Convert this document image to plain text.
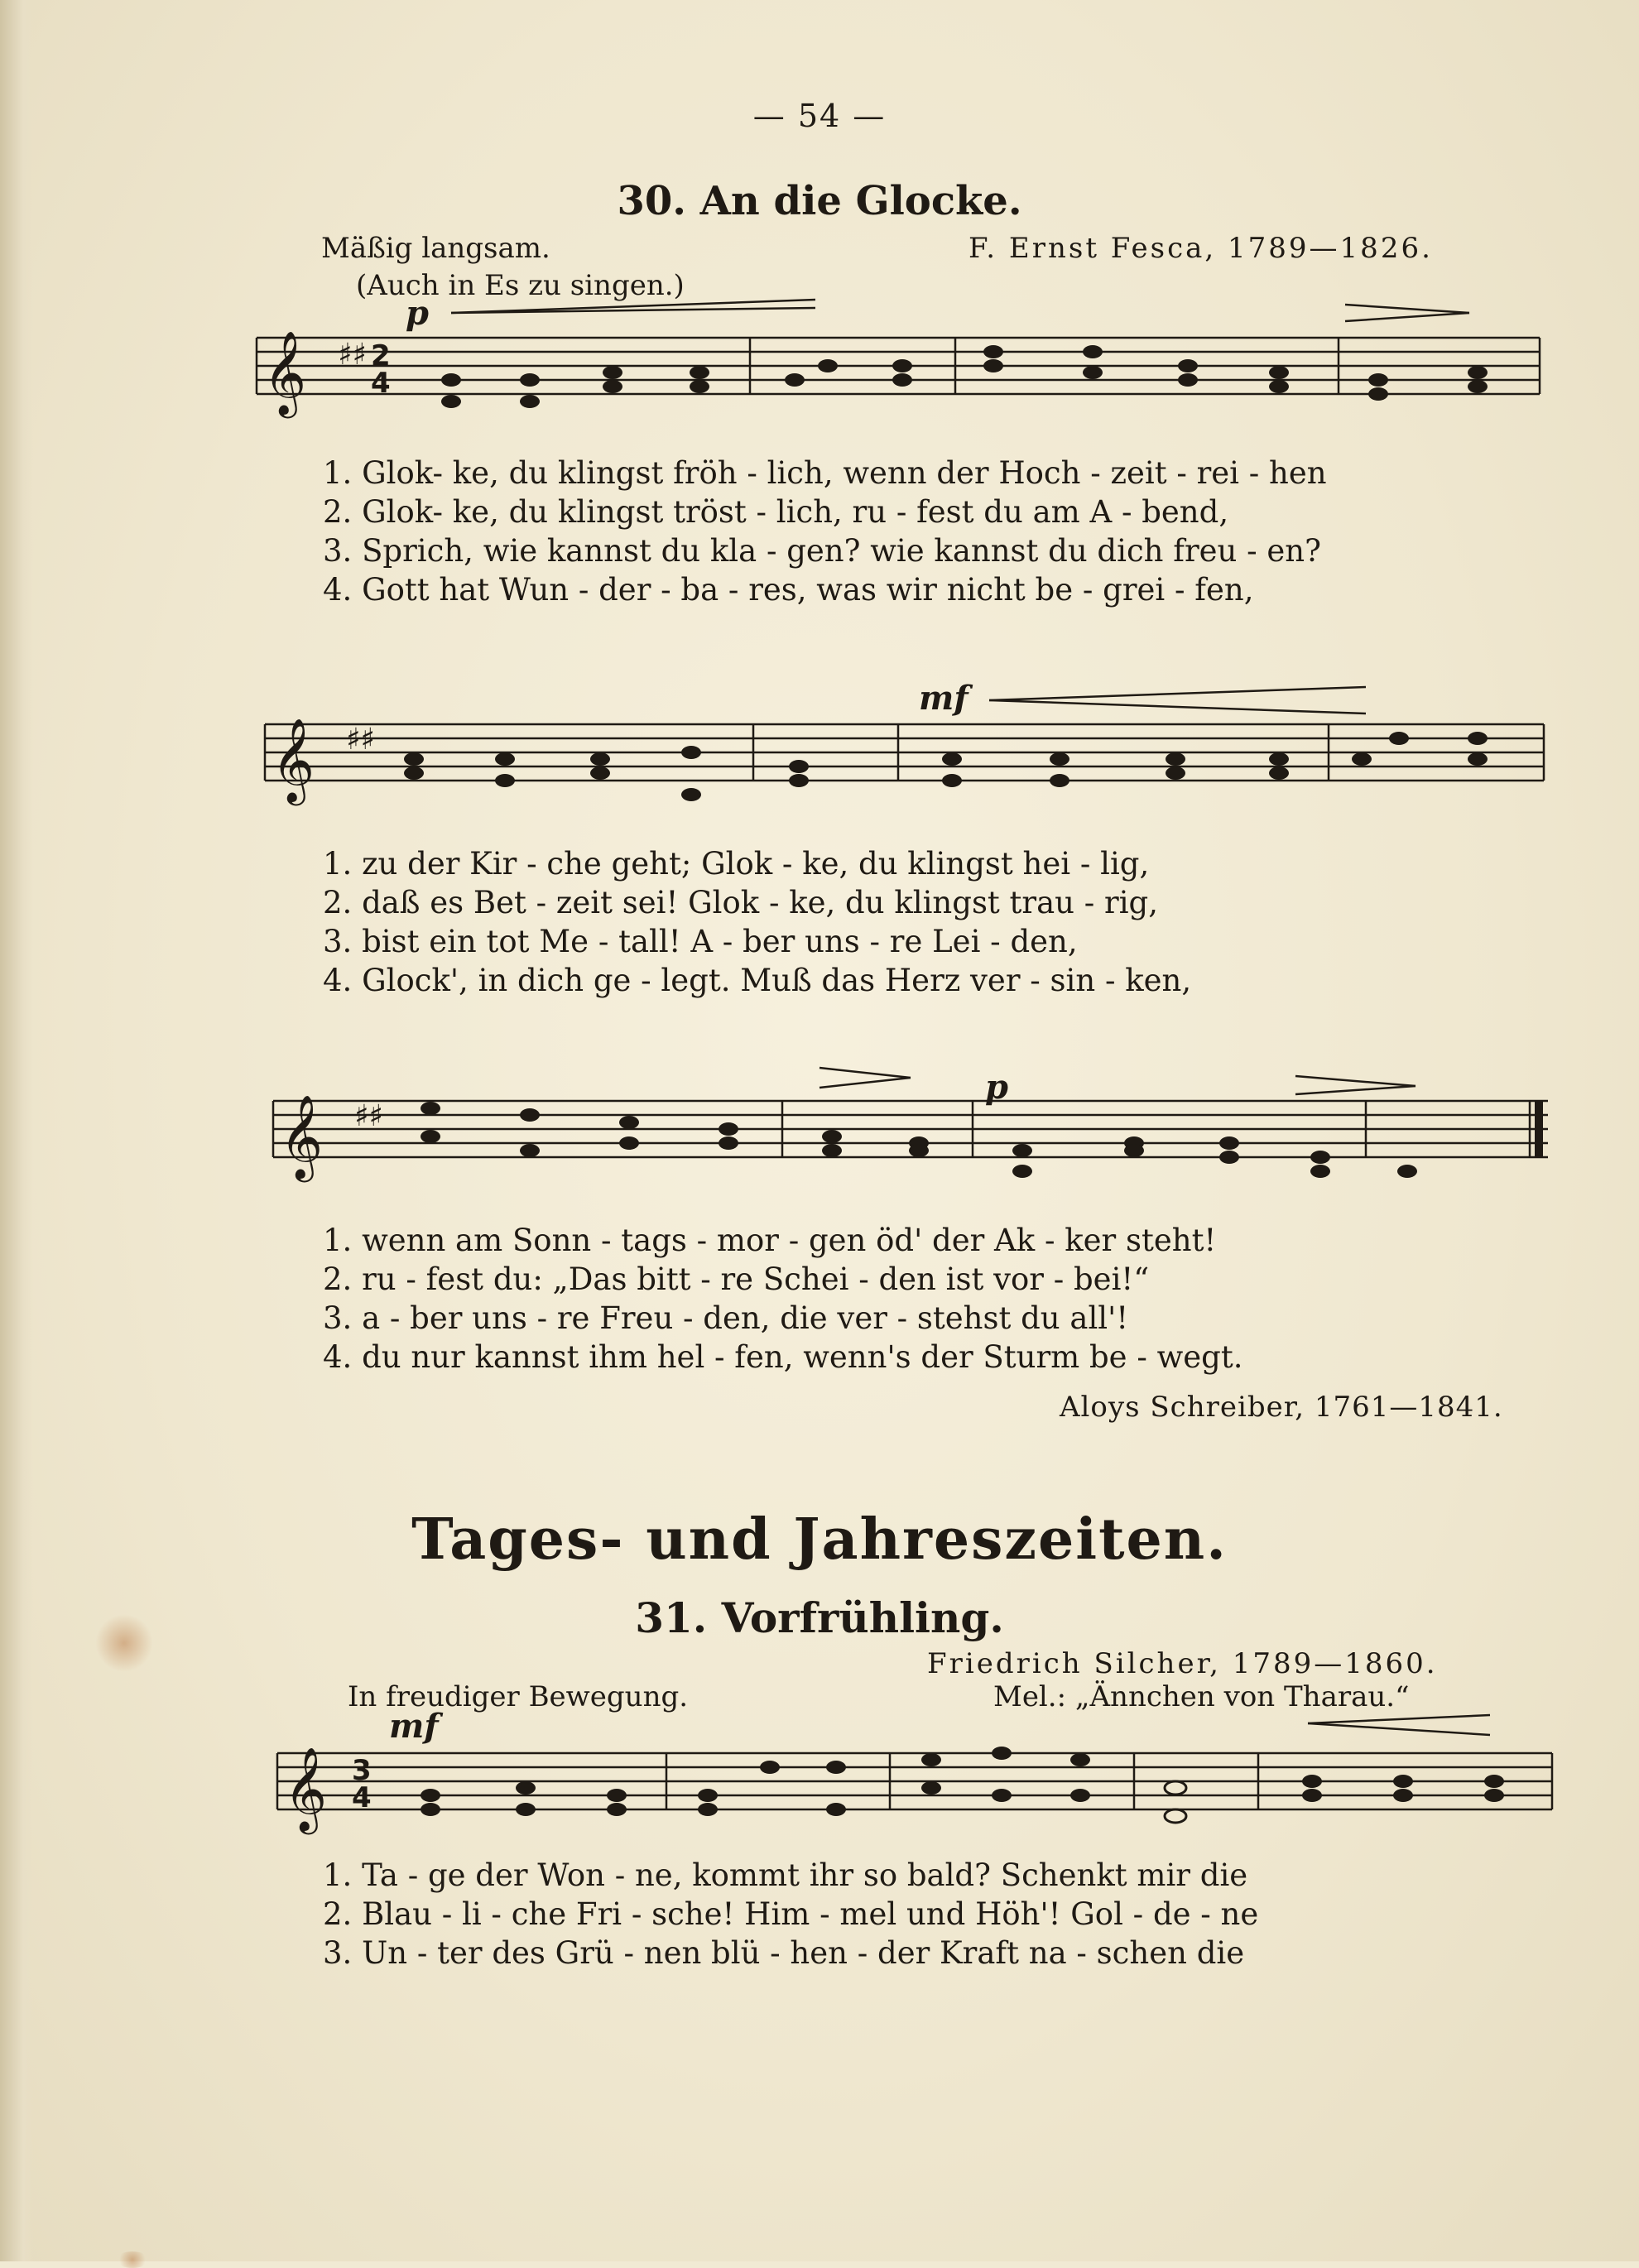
— 54 —
30. An die Glocke.
Mäßig langsam.
(Auch in Es zu singen.)
F. Ernst Fesca, 1789—1826.
p
mf
p
𝄞
𝄞
𝄞
𝄞
♯♯
♯♯
♯♯
2
4
3
4
1. Glok- ke, du klingst fröh - lich, wenn der Hoch - zeit - rei - hen
2. Glok- ke, du klingst tröst - lich, ru - fest du am A - bend,
3. Sprich, wie kannst du kla - gen? wie kannst du dich freu - en?
4. Gott hat Wun - der - ba - res, was wir nicht be - grei - fen,
1. zu der Kir - che geht; Glok - ke, du klingst hei - lig,
2. daß es Bet - zeit sei! Glok - ke, du klingst trau - rig,
3. bist ein tot Me - tall! A - ber uns - re Lei - den,
4. Glock', in dich ge - legt. Muß das Herz ver - sin - ken,
1. wenn am Sonn - tags - mor - gen öd' der Ak - ker steht!
2. ru - fest du: „Das bitt - re Schei - den ist vor - bei!“
3. a - ber uns - re Freu - den, die ver - stehst du all'!
4. du nur kannst ihm hel - fen, wenn's der Sturm be - wegt.
Aloys Schreiber, 1761—1841.
Tages- und Jahreszeiten.
31. Vorfrühling.
Friedrich Silcher, 1789—1860.
In freudiger Bewegung.	Mel.: „Ännchen von Tharau.“
mf
1. Ta - ge der Won - ne, kommt ihr so bald? Schenkt mir die
2. Blau - li - che Fri - sche! Him - mel und Höh'! Gol - de - ne
3. Un - ter des Grü - nen blü - hen - der Kraft na - schen die
